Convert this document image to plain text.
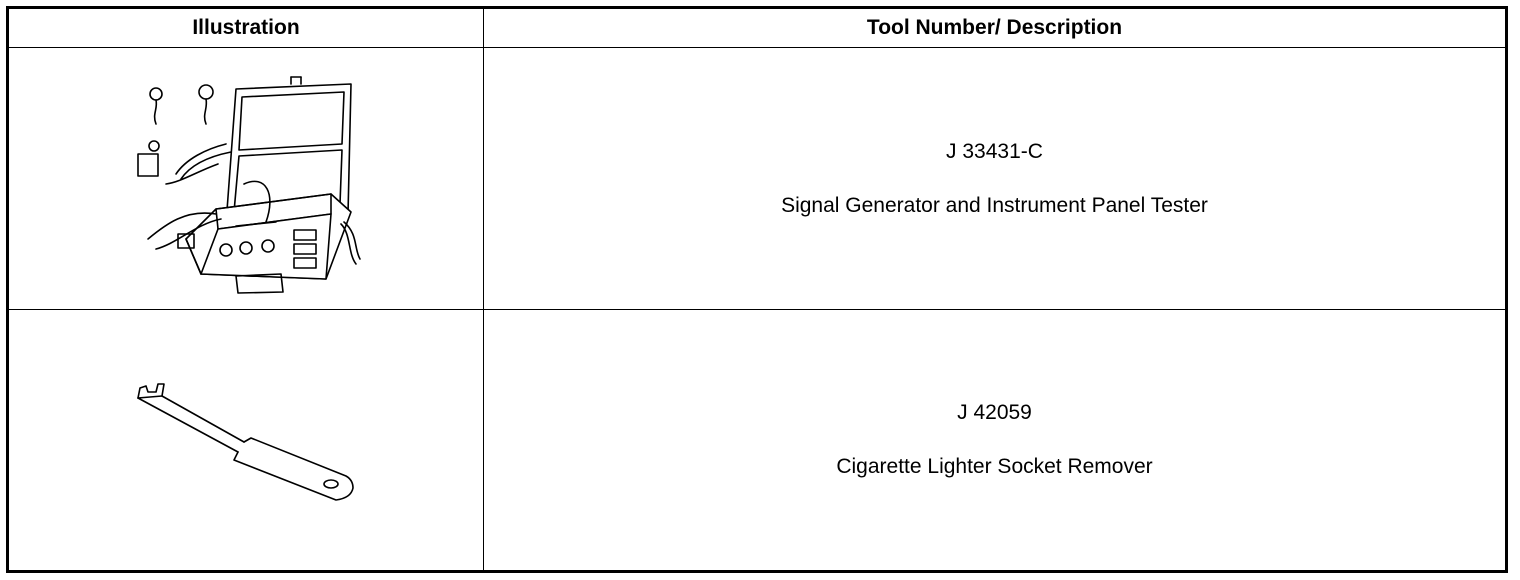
Illustration	Tool Number/ Description
J 33431-C
Signal Generator and Instrument Panel Tester
J 42059
Cigarette Lighter Socket Remover
